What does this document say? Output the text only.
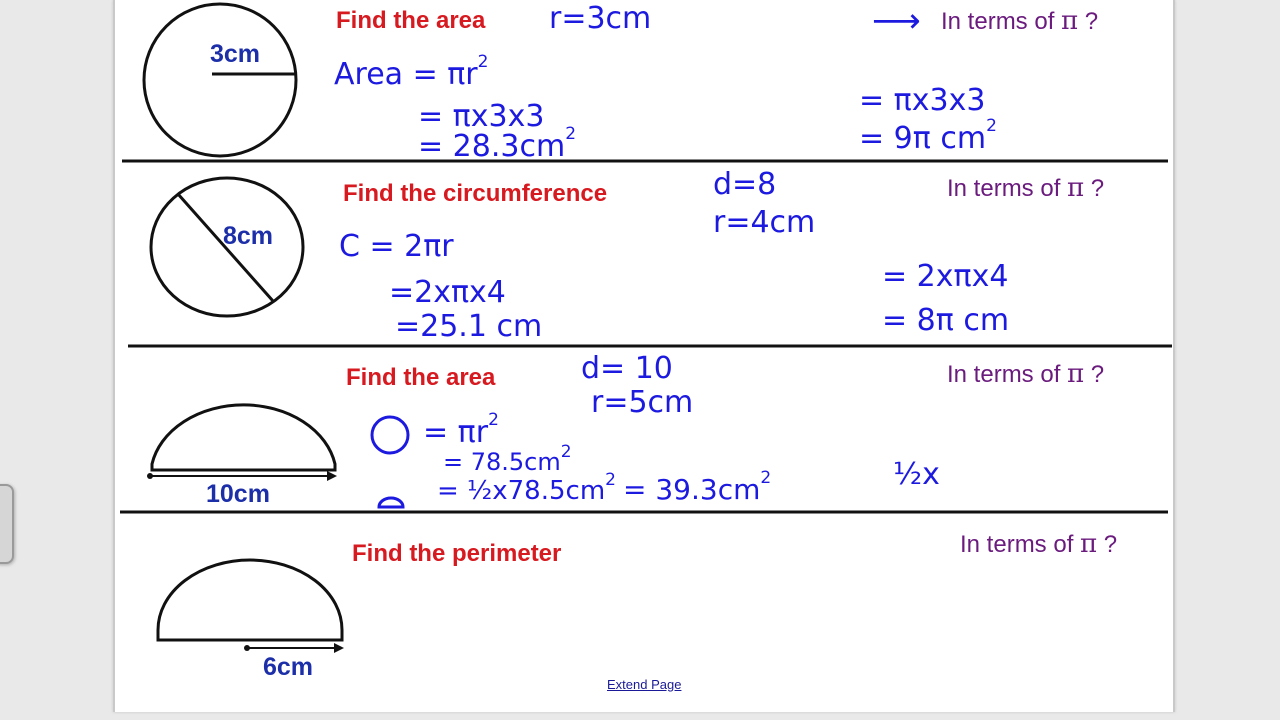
Find the area	In terms of π ?
3cm
r=3cm
Area = $\pi r^2$
= πx3x3
= $28.3cm^2$
⟶
= πx3x3
= 9π $cm^2$
Find the circumference	In terms of π ?
8cm
d=8
r=4cm
C = 2πr
=2xπx4
=25.1 cm
= 2xπx4
= 8π cm
Find the area	In terms of π ?
10cm
d= 10
r=5cm
= $\pi r^2$
= $78.5cm^2$
= $\frac{1}{2}x78.5cm^2 = 39.3cm^2$	½x
Find the perimeter	In terms of π ?
6cm
Extend Page
